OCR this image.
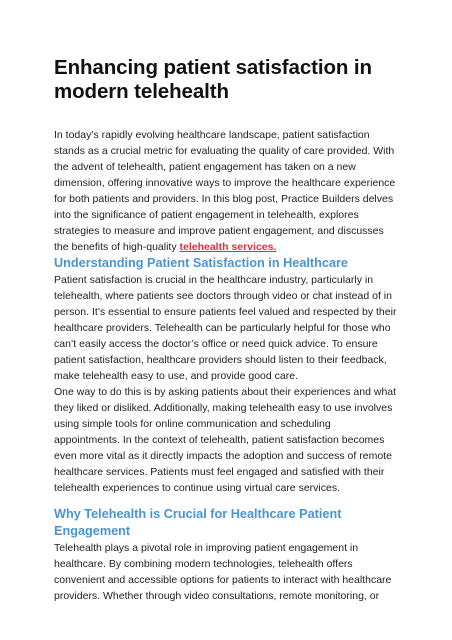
Enhancing patient satisfaction in modern telehealth

In today’s rapidly evolving healthcare landscape, patient satisfaction stands as a crucial metric for evaluating the quality of care provided. With the advent of telehealth, patient engagement has taken on a new dimension, offering innovative ways to improve the healthcare experience for both patients and providers. In this blog post, Practice Builders delves into the significance of patient engagement in telehealth, explores strategies to measure and improve patient engagement, and discusses the benefits of high-quality telehealth services.

Understanding Patient Satisfaction in Healthcare

Patient satisfaction is crucial in the healthcare industry, particularly in telehealth, where patients see doctors through video or chat instead of in person. It’s essential to ensure patients feel valued and respected by their healthcare providers. Telehealth can be particularly helpful for those who can’t easily access the doctor’s office or need quick advice. To ensure patient satisfaction, healthcare providers should listen to their feedback, make telehealth easy to use, and provide good care.

One way to do this is by asking patients about their experiences and what they liked or disliked. Additionally, making telehealth easy to use involves using simple tools for online communication and scheduling appointments. In the context of telehealth, patient satisfaction becomes even more vital as it directly impacts the adoption and success of remote healthcare services. Patients must feel engaged and satisfied with their telehealth experiences to continue using virtual care services.

Why Telehealth is Crucial for Healthcare Patient Engagement

Telehealth plays a pivotal role in improving patient engagement in healthcare. By combining modern technologies, telehealth offers convenient and accessible options for patients to interact with healthcare providers. Whether through video consultations, remote monitoring, or
